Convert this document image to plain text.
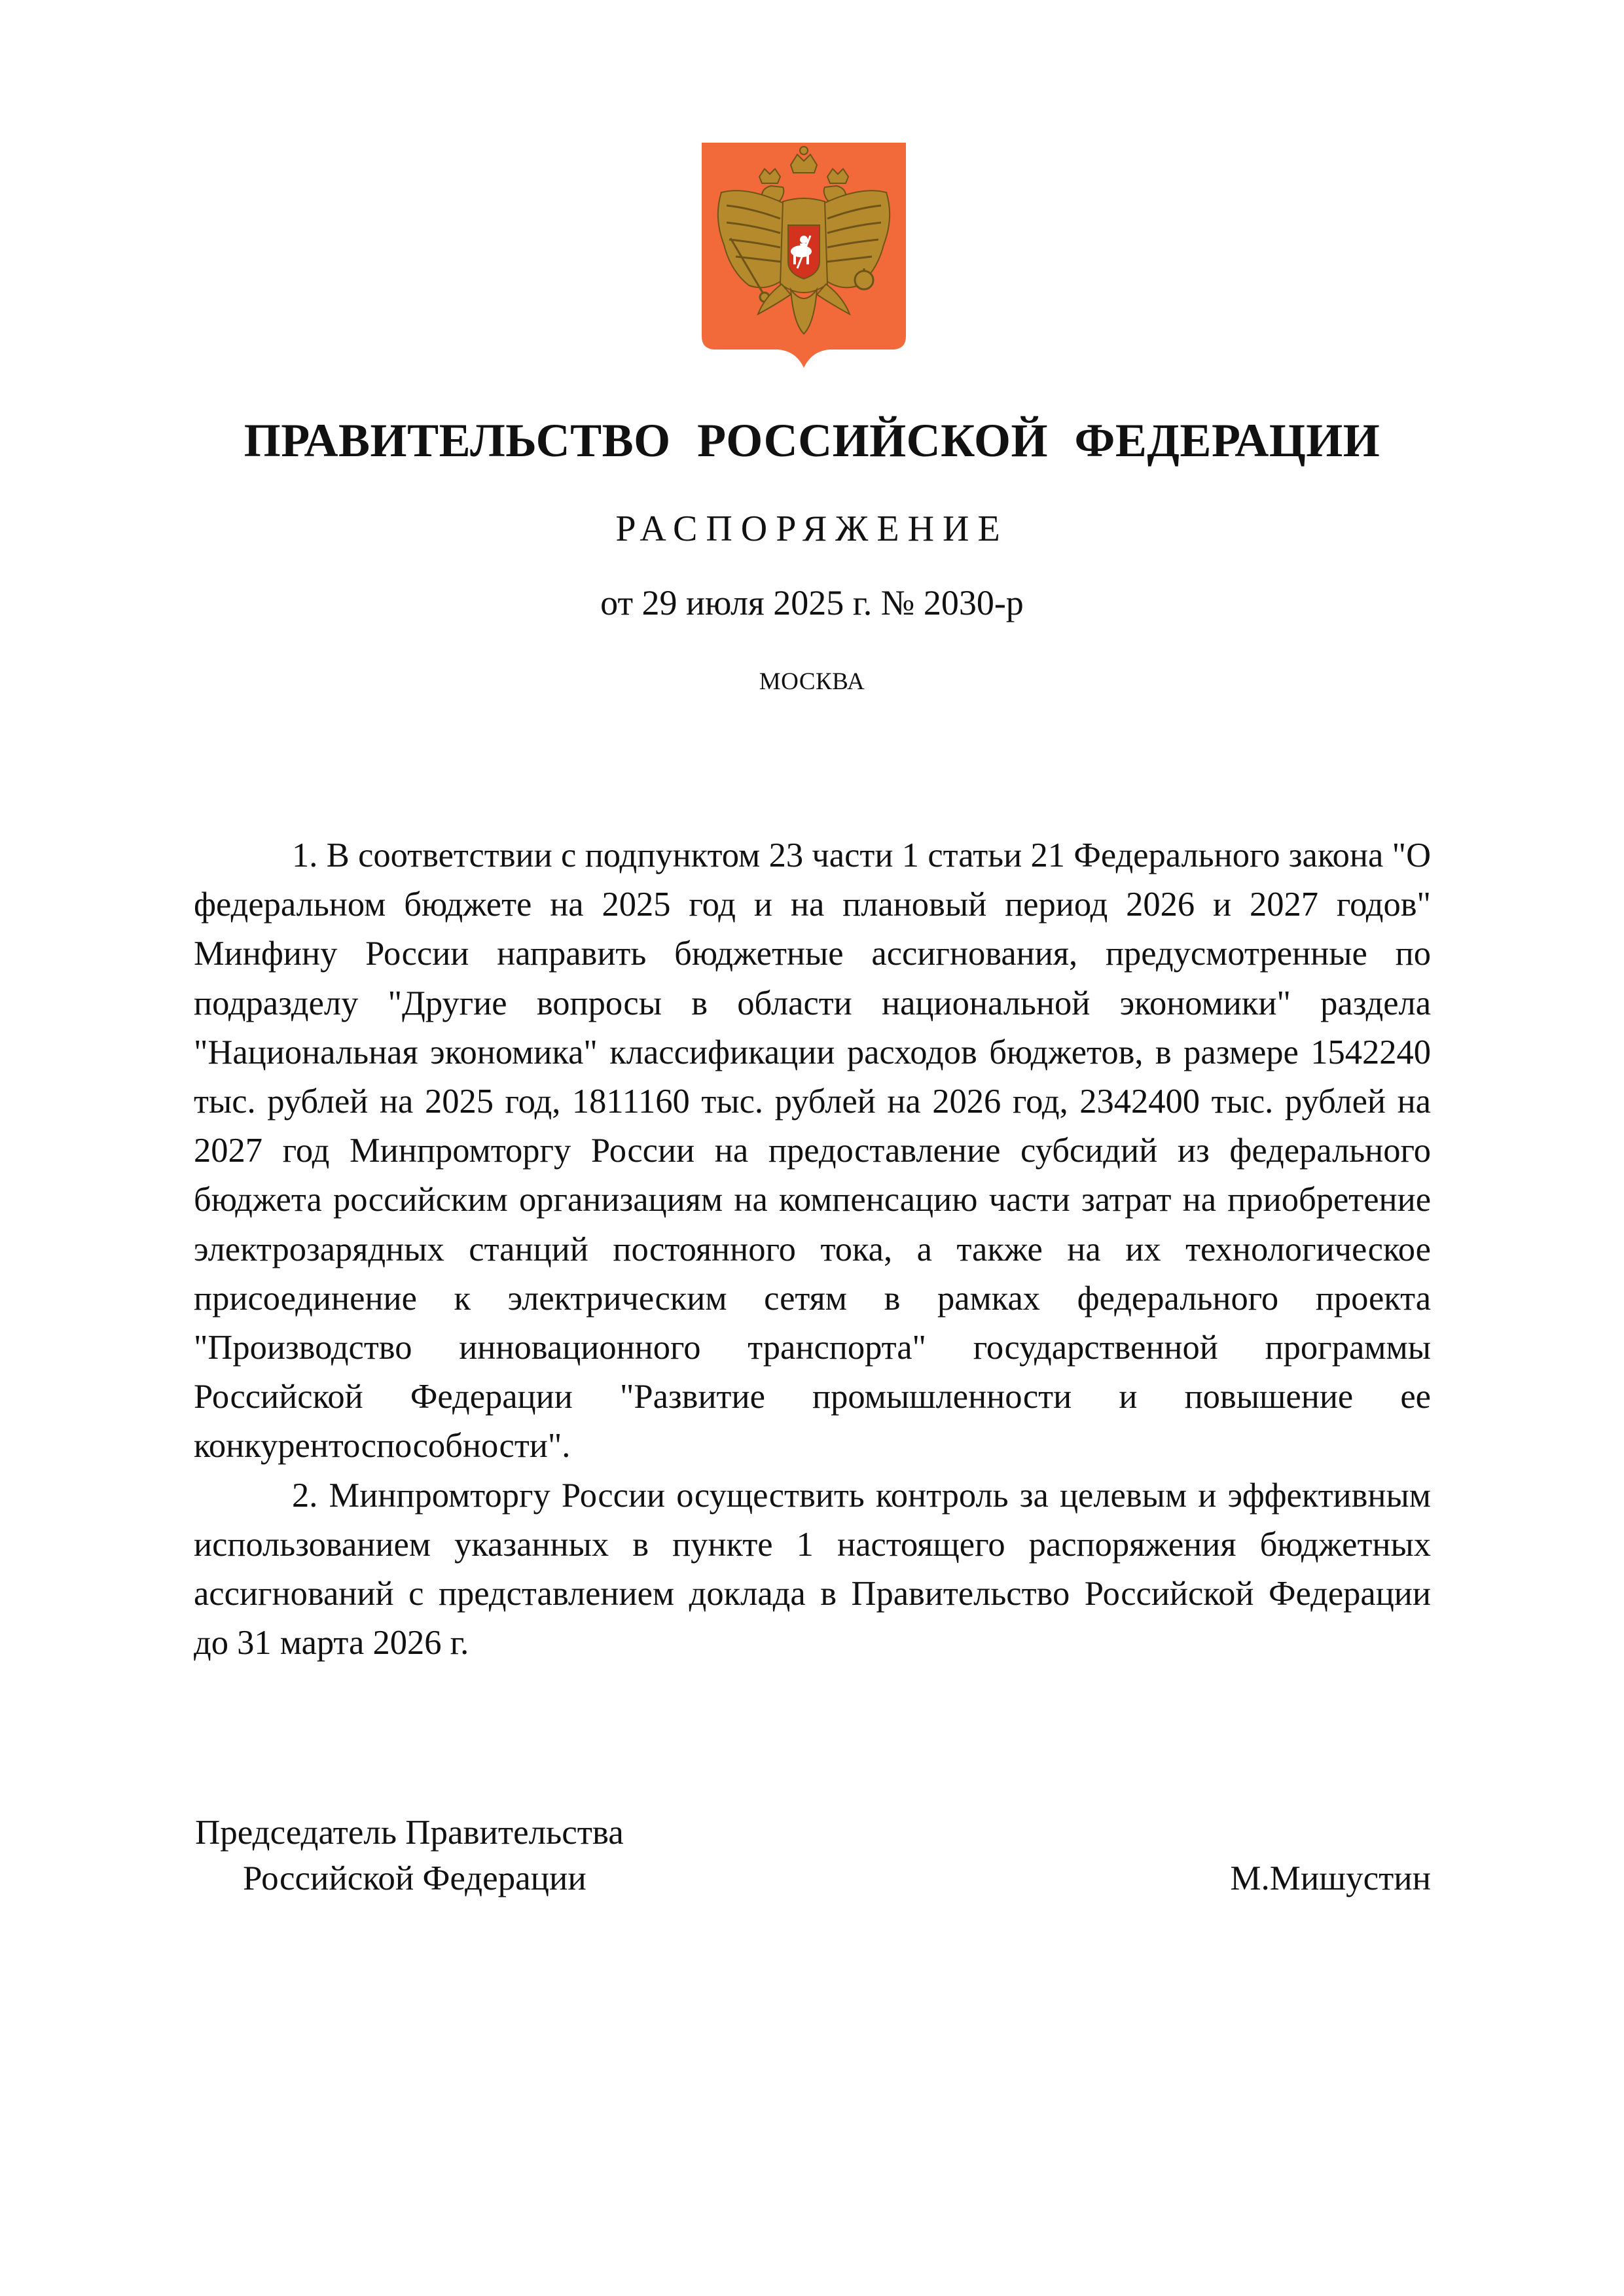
ПРАВИТЕЛЬСТВО РОССИЙСКОЙ ФЕДЕРАЦИИ
РАСПОРЯЖЕНИЕ
от 29 июля 2025 г. № 2030-р
МОСКВА

1. В соответствии с подпунктом 23 части 1 статьи 21 Федерального закона "О федеральном бюджете на 2025 год и на плановый период 2026 и 2027 годов" Минфину России направить бюджетные ассигнования, предусмотренные по подразделу "Другие вопросы в области национальной экономики" раздела "Национальная экономика" классификации расходов бюджетов, в размере 1542240 тыс. рублей на 2025 год, 1811160 тыс. рублей на 2026 год, 2342400 тыс. рублей на 2027 год Минпромторгу России на предоставление субсидий из федерального бюджета российским организациям на компенсацию части затрат на приобретение электрозарядных станций постоянного тока, а также на их технологическое присоединение к электрическим сетям в рамках федерального проекта "Производство инновационного транспорта" государственной программы Российской Федерации "Развитие промышленности и повышение ее конкурентоспособности".

2. Минпромторгу России осуществить контроль за целевым и эффективным использованием указанных в пункте 1 настоящего распоряжения бюджетных ассигнований с представлением доклада в Правительство Российской Федерации до 31 марта 2026 г.

Председатель Правительства
Российской Федерации	М.Мишустин
